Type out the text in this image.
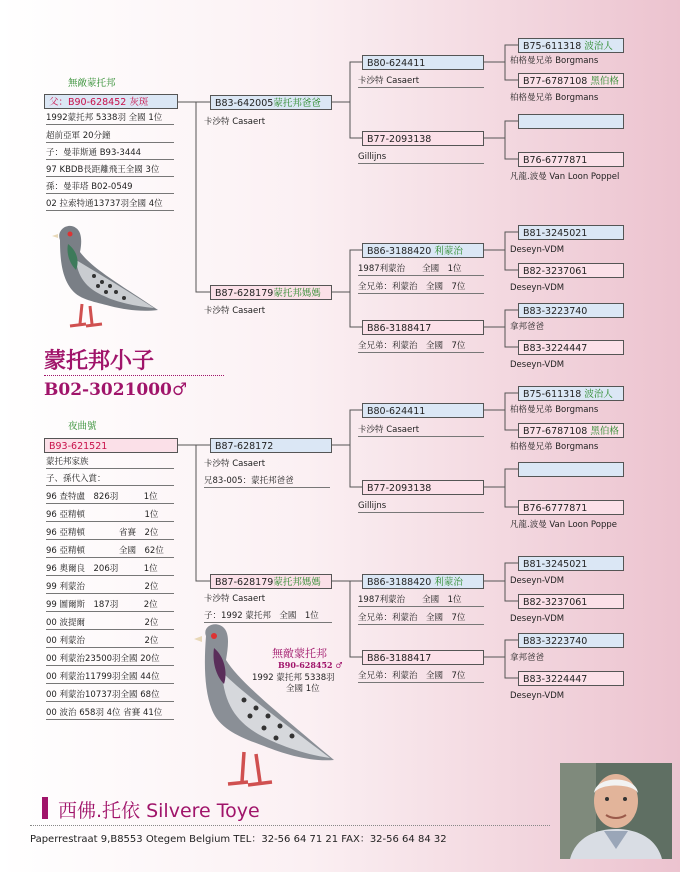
無敵蒙托邦
父：B90-628452 灰斑
1992蒙托邦 5338羽 全國 1位
超前亞軍 20分鐘
子：曼菲斯通 B93-3444
97 KBDB長距離飛王全國 3位
孫：曼菲塔 B02-0549
02 拉索特通13737羽全國 4位
B83-642005蒙托邦爸爸
卡沙特 Casaert
B87-628179蒙托邦媽媽
卡沙特 Casaert
B80-624411
卡沙特 Casaert
B77-2093138
Gillijns
B75-611318 波治人
柏格曼兄弟 Borgmans
B77-6787108 黑伯格
柏格曼兄弟 Borgmans
B76-6777871
凡龍.波曼 Van Loon Poppel
B86-3188420 利蒙治
1987利蒙治　　全國　1位
全兄弟：利蒙治　全國　7位
B86-3188417
全兄弟：利蒙治　全國　7位
B81-3245021
Deseyn-VDM
B82-3237061
Deseyn-VDM
B83-3223740
拿邦爸爸
B83-3224447
Deseyn-VDM
蒙托邦小子
B02-3021000♂
夜曲號
B93-621521
蒙托邦家族
子、孫代入賞：
96 查特盧　826羽　　　1位
96 亞精頓　　　　　　　1位
96 亞精頓　　　　省賽　2位
96 亞精頓　　　　全國　62位
96 奧爾良　206羽　　　1位
99 利蒙治　　　　　　　2位
99 圖爾斯　187羽　　　2位
00 波提爾　　　　　　　2位
00 利蒙治　　　　　　　2位
00 利蒙治23500羽全國 20位
00 利蒙治11799羽全國 44位
00 利蒙治10737羽全國 68位
00 波治 658羽 4位 省賽 41位
B87-628172
卡沙特 Casaert
兄83-005：蒙托邦爸爸
B87-628179蒙托邦媽媽
卡沙特 Casaert
子：1992 蒙托邦　全國　1位
B80-624411
卡沙特 Casaert
B77-2093138
Gillijns
B75-611318 波治人
柏格曼兄弟 Borgmans
B77-6787108 黑伯格
柏格曼兄弟 Borgmans
B76-6777871
凡龍.波曼 Van Loon Poppe
B86-3188420 利蒙治
1987利蒙治　　全國　1位
全兄弟：利蒙治　全國　7位
B86-3188417
全兄弟：利蒙治　全國　7位
B81-3245021
Deseyn-VDM
B82-3237061
Deseyn-VDM
B83-3223740
拿邦爸爸
B83-3224447
Deseyn-VDM
無敵蒙托邦
B90-628452 ♂
1992 蒙托邦 5338羽
全國 1位
西佛.托依 Silvere Toye
Paperrestraat 9,B8553 Otegem Belgium TEL：32-56 64 71 21 FAX：32-56 64 84 32
